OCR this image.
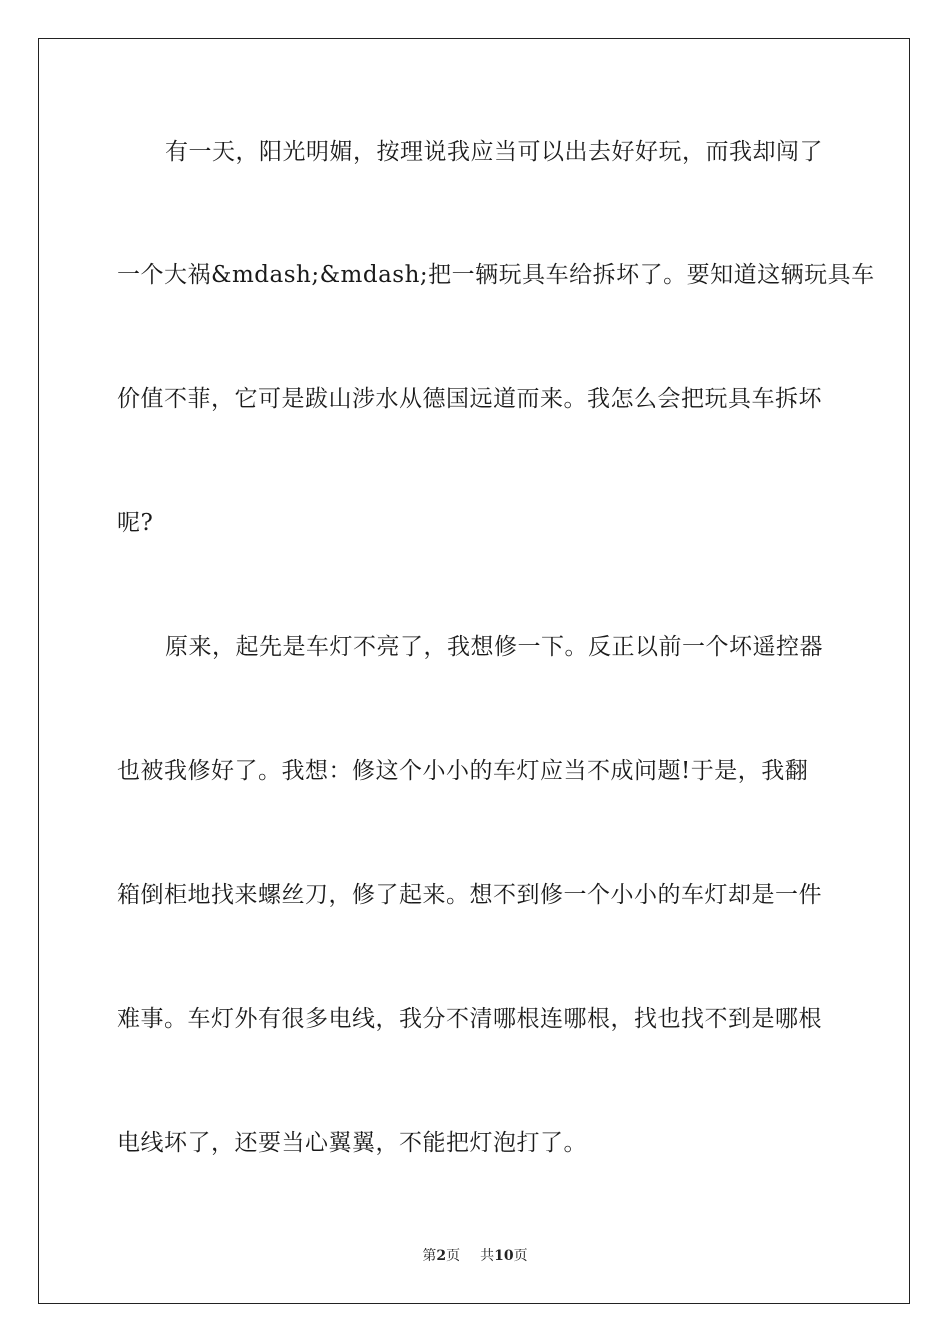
有一天，阳光明媚，按理说我应当可以出去好好玩，而我却闯了
一个大祸&mdash;&mdash;把一辆玩具车给拆坏了。要知道这辆玩具车
价值不菲，它可是跋山涉水从德国远道而来。我怎么会把玩具车拆坏
呢?
原来，起先是车灯不亮了，我想修一下。反正以前一个坏遥控器
也被我修好了。我想：修这个小小的车灯应当不成问题!于是，我翻
箱倒柜地找来螺丝刀，修了起来。想不到修一个小小的车灯却是一件
难事。车灯外有很多电线，我分不清哪根连哪根，找也找不到是哪根
电线坏了，还要当心翼翼，不能把灯泡打了。
第2页 共10页
